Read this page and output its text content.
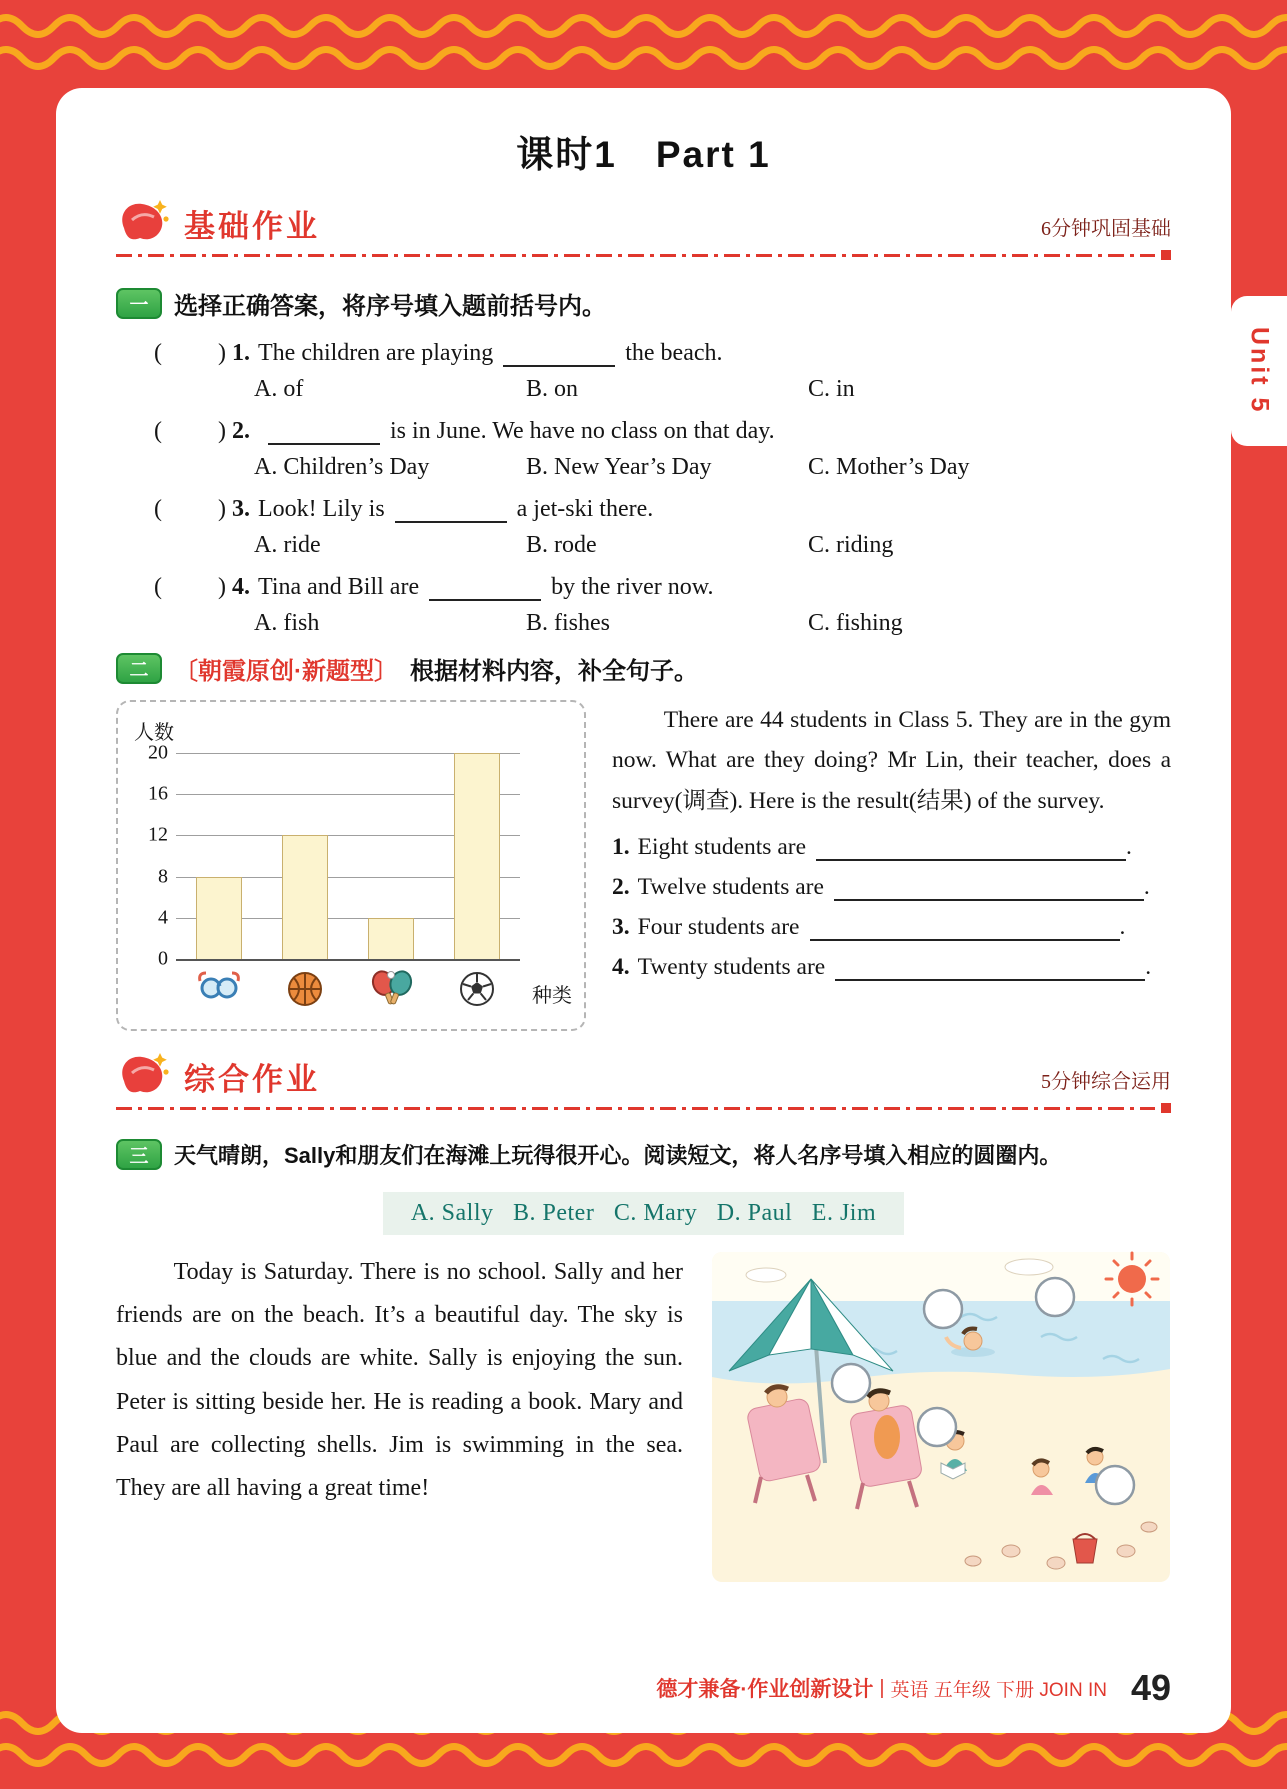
Unit 5
课时1　Part 1
基础作业	6分钟巩固基础
一	选择正确答案，将序号填入题前括号内。
( ) 1. The children are playing	the beach.
A. of	B. on	C. in
( ) 2.	is in June. We have no class on that day.
A. Children’s Day	B. New Year’s Day	C. Mother’s Day
( ) 3. Look! Lily is	a jet-ski there.
A. ride	B. rode	C. riding
( ) 4. Tina and Bill are	by the river now.
A. fish	B. fishes	C. fishing
二	〔朝霞原创·新题型〕 根据材料内容，补全句子。
人数
0
4
8
12
16
20
种类

There are 44 students in Class 5. They are in the gym now. What are they doing? Mr Lin, their teacher, does a survey(调查). Here is the result(结果) of the survey.

1. Eight students are	.
2. Twelve students are	.
3. Four students are	.
4. Twenty students are	.
综合作业	5分钟综合运用
三	天气晴朗，Sally和朋友们在海滩上玩得很开心。阅读短文，将人名序号填入相应的圆圈内。
A. Sally   B. Peter   C. Mary   D. Paul   E. Jim

Today is Saturday. There is no school. Sally and her friends are on the beach. It’s a beautiful day. The sky is blue and the clouds are white. Sally is enjoying the sun. Peter is sitting beside her. He is reading a book. Mary and Paul are collecting shells. Jim is swimming in the sea. They are all having a great time!

德才兼备·作业创新设计 | 英语 五年级 下册 JOIN IN 49
